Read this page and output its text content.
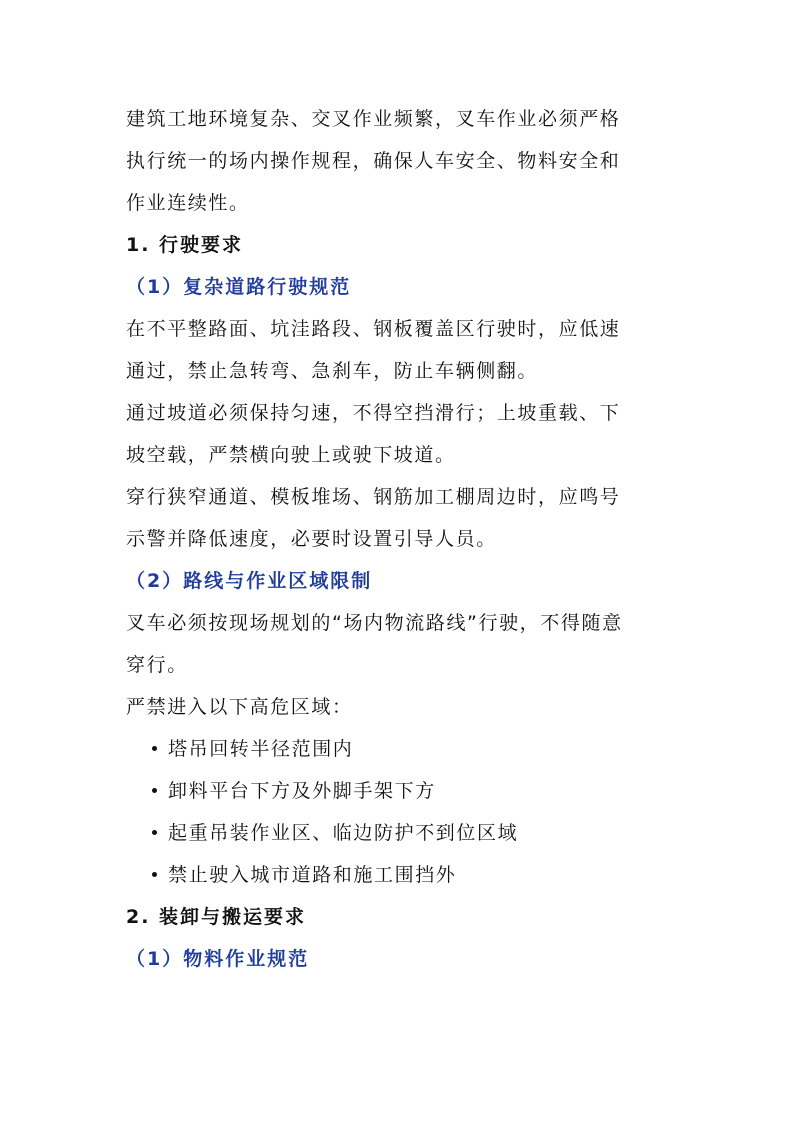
建筑工地环境复杂、交叉作业频繁，叉车作业必须严格

执行统一的场内操作规程，确保人车安全、物料安全和

作业连续性。

1. 行驶要求

（1）复杂道路行驶规范

在不平整路面、坑洼路段、钢板覆盖区行驶时，应低速

通过，禁止急转弯、急刹车，防止车辆侧翻。

通过坡道必须保持匀速，不得空挡滑行；上坡重载、下

坡空载，严禁横向驶上或驶下坡道。

穿行狭窄通道、模板堆场、钢筋加工棚周边时，应鸣号

示警并降低速度，必要时设置引导人员。

（2）路线与作业区域限制

叉车必须按现场规划的“场内物流路线”行驶，不得随意

穿行。

严禁进入以下高危区域：

塔吊回转半径范围内
卸料平台下方及外脚手架下方
起重吊装作业区、临边防护不到位区域
禁止驶入城市道路和施工围挡外

2. 装卸与搬运要求

（1）物料作业规范
